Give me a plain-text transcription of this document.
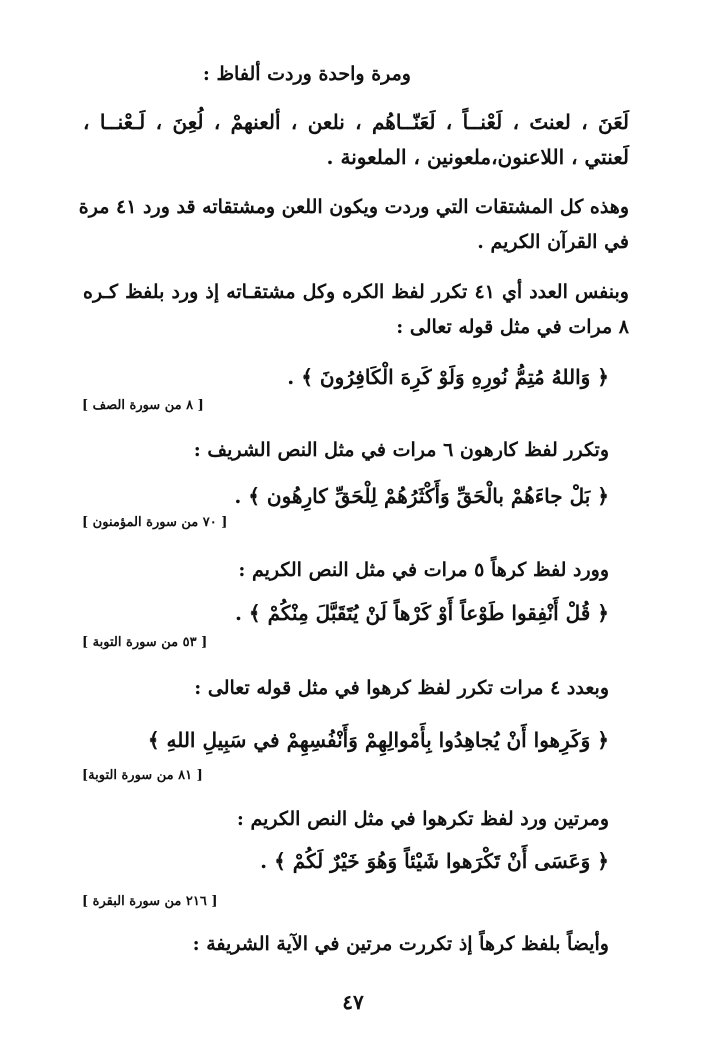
ومرة واحدة وردت ألفاظ :
لَعَنَ ، لعنتَ ، لَعْنــاً ، لَعَنّــاهُم ، نلعن ، ألعنهمْ ، لُعِنَ ، لَـعْنــا ،
لَعنتي ، اللاعنون،ملعونين ، الملعونة .
وهذه كل المشتقات التي وردت ويكون اللعن ومشتقاته قد ورد ٤١ مرة
في القرآن الكريم .
وبنفس العدد أي ٤١ تكرر لفظ الكره وكل مشتقـاته إذ ورد بلفظ كـره
٨ مرات في مثل قوله تعالى :
﴿ وَاللهُ مُتِمُّ نُورِهِ وَلَوْ كَرِهَ الْكَافِرُونَ ﴾ .
[ ٨ من سورة الصف ]
وتكرر لفظ كارهون ٦ مرات في مثل النص الشريف :
﴿ بَلْ جاءَهُمْ بالْحَقِّ وَأَكْثَرُهُمْ لِلْحَقِّ كارِهُون ﴾ .
[ ٧٠ من سورة المؤمنون ]
وورد لفظ كرهاً ٥ مرات في مثل النص الكريم :
﴿ قُلْ أَنْفِقوا طَوْعاً أَوْ كَرْهاً لَنْ يُتَقَبَّلَ مِنْكُمْ ﴾ .
[ ٥٣ من سورة التوبة ]
وبعدد ٤ مرات تكرر لفظ كرهوا في مثل قوله تعالى :
﴿ وَكَرِهوا أَنْ يُجاهِدُوا بِأَمْوالِهِمْ وَأَنْفُسِهِمْ في سَبِيلِ اللهِ ﴾
[ ٨١ من سورة التوبة]
ومرتين ورد لفظ تكرهوا في مثل النص الكريم :
﴿ وَعَسَى أَنْ تَكْرَهوا شَيْئاً وَهُوَ خَيْرٌ لَكُمْ ﴾ .
[ ٢١٦ من سورة البقرة ]
وأيضاً بلفظ كرهاً إذ تكررت مرتين في الآية الشريفة :
٤٧
